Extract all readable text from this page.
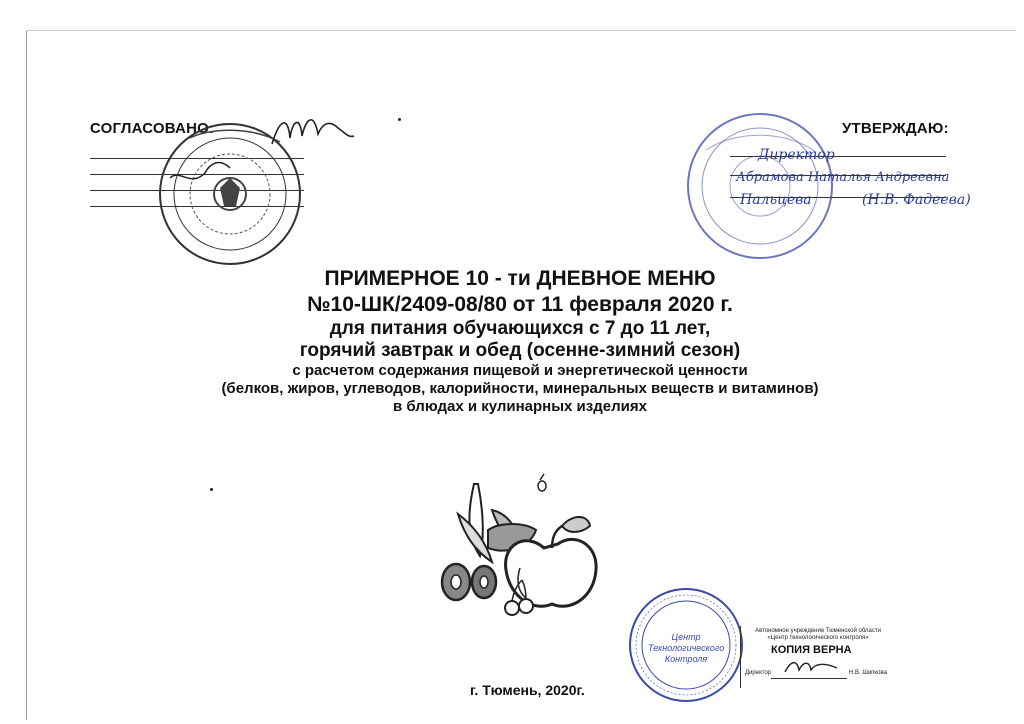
СОГЛАСОВАНО:	УТВЕРЖДАЮ:
Директор
Абрамова Наталья Андреевна
Пальцева	(Н.В. Фадеева)
ПРИМЕРНОЕ 10 - ти ДНЕВНОЕ МЕНЮ
№10-ШК/2409-08/80 от 11 февраля 2020 г.
для питания обучающихся с 7 до 11 лет,
горячий завтрак и обед (осенне-зимний сезон)
с расчетом содержания пищевой и энергетической ценности
(белков, жиров, углеводов, калорийности, минеральных веществ и витаминов)
в блюдах и кулинарных изделиях
г. Тюмень, 2020г.
Центр Технологического Контроля
Автономное учреждение Тюменской области «Центр технологического контроля»
КОПИЯ ВЕРНА
Директор	Н.В. Шипкова
